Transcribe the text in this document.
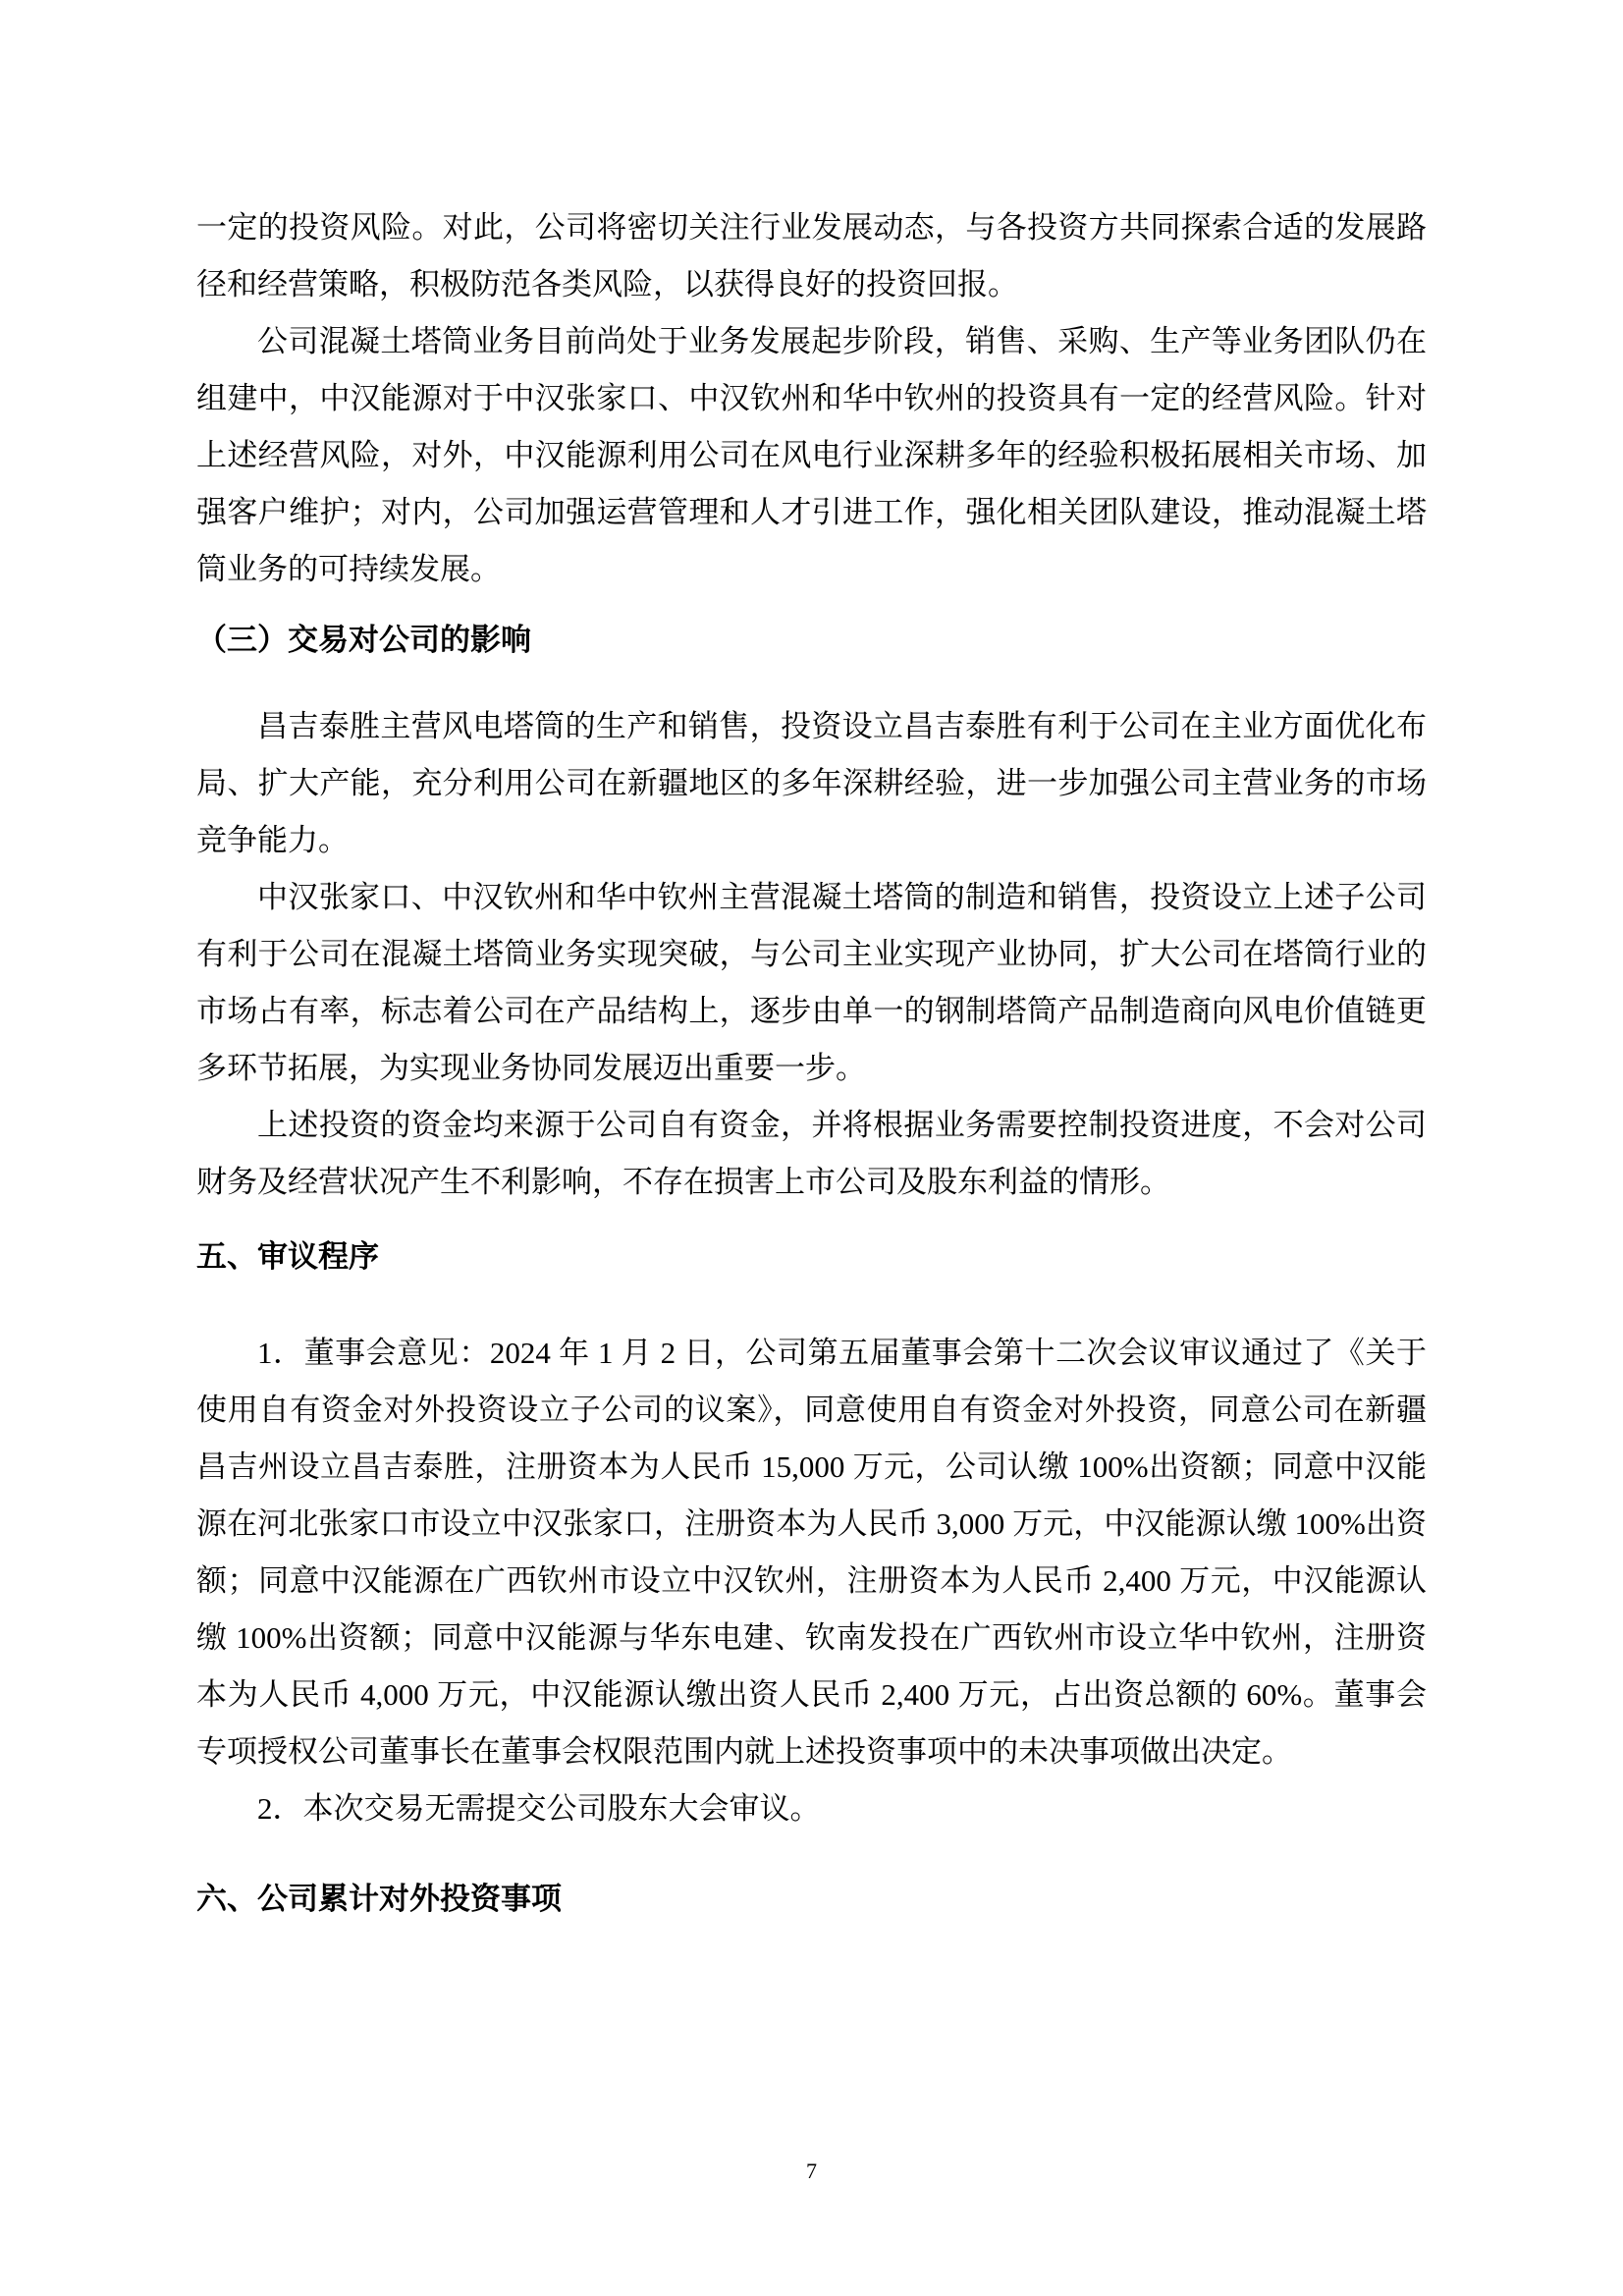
一定的投资风险。对此，公司将密切关注行业发展动态，与各投资方共同探索合适的发展路径和经营策略，积极防范各类风险，以获得良好的投资回报。

公司混凝土塔筒业务目前尚处于业务发展起步阶段，销售、采购、生产等业务团队仍在组建中，中汉能源对于中汉张家口、中汉钦州和华中钦州的投资具有一定的经营风险。针对上述经营风险，对外，中汉能源利用公司在风电行业深耕多年的经验积极拓展相关市场、加强客户维护；对内，公司加强运营管理和人才引进工作，强化相关团队建设，推动混凝土塔筒业务的可持续发展。

（三）交易对公司的影响

昌吉泰胜主营风电塔筒的生产和销售，投资设立昌吉泰胜有利于公司在主业方面优化布局、扩大产能，充分利用公司在新疆地区的多年深耕经验，进一步加强公司主营业务的市场竞争能力。

中汉张家口、中汉钦州和华中钦州主营混凝土塔筒的制造和销售，投资设立上述子公司有利于公司在混凝土塔筒业务实现突破，与公司主业实现产业协同，扩大公司在塔筒行业的市场占有率，标志着公司在产品结构上，逐步由单一的钢制塔筒产品制造商向风电价值链更多环节拓展，为实现业务协同发展迈出重要一步。

上述投资的资金均来源于公司自有资金，并将根据业务需要控制投资进度，不会对公司财务及经营状况产生不利影响，不存在损害上市公司及股东利益的情形。

五、审议程序

1．董事会意见：2024 年 1 月 2 日，公司第五届董事会第十二次会议审议通过了《关于使用自有资金对外投资设立子公司的议案》，同意使用自有资金对外投资，同意公司在新疆昌吉州设立昌吉泰胜，注册资本为人民币 15,000 万元，公司认缴 100%出资额；同意中汉能源在河北张家口市设立中汉张家口，注册资本为人民币 3,000 万元，中汉能源认缴 100%出资额；同意中汉能源在广西钦州市设立中汉钦州，注册资本为人民币 2,400 万元，中汉能源认缴 100%出资额；同意中汉能源与华东电建、钦南发投在广西钦州市设立华中钦州，注册资本为人民币 4,000 万元，中汉能源认缴出资人民币 2,400 万元，占出资总额的 60%。董事会专项授权公司董事长在董事会权限范围内就上述投资事项中的未决事项做出决定。

2．本次交易无需提交公司股东大会审议。

六、公司累计对外投资事项
7
